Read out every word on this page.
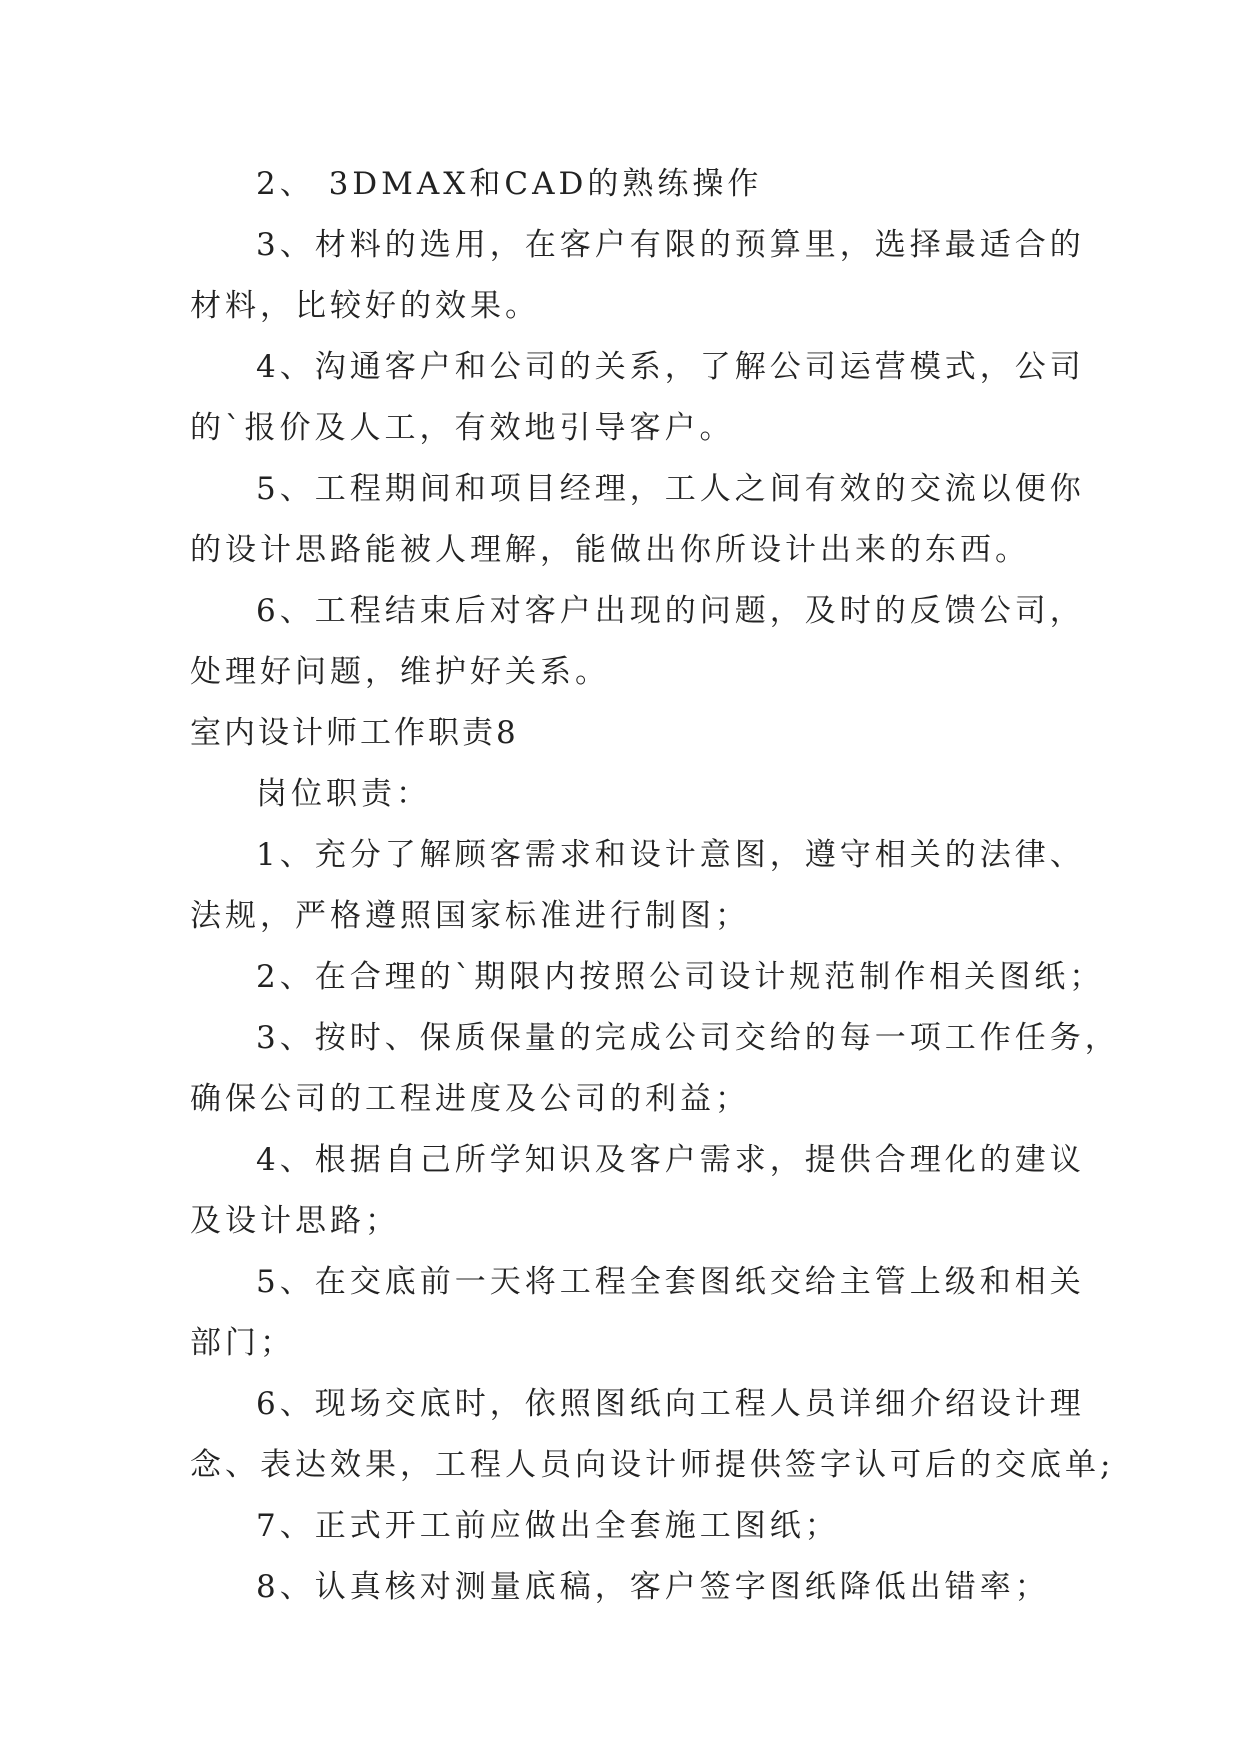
2、 3DMAX和CAD的熟练操作
3、材料的选用，在客户有限的预算里，选择最适合的
材料，比较好的效果。
4、沟通客户和公司的关系，了解公司运营模式，公司
的`报价及人工，有效地引导客户。
5、工程期间和项目经理，工人之间有效的交流以便你
的设计思路能被人理解，能做出你所设计出来的东西。
6、工程结束后对客户出现的问题，及时的反馈公司，
处理好问题，维护好关系。
室内设计师工作职责8
岗位职责：
1、充分了解顾客需求和设计意图，遵守相关的法律、
法规，严格遵照国家标准进行制图；
2、在合理的`期限内按照公司设计规范制作相关图纸；
3、按时、保质保量的完成公司交给的每一项工作任务，
确保公司的工程进度及公司的利益；
4、根据自己所学知识及客户需求，提供合理化的建议
及设计思路；
5、在交底前一天将工程全套图纸交给主管上级和相关
部门；
6、现场交底时，依照图纸向工程人员详细介绍设计理
念、表达效果，工程人员向设计师提供签字认可后的交底单;
7、正式开工前应做出全套施工图纸；
8、认真核对测量底稿，客户签字图纸降低出错率；
